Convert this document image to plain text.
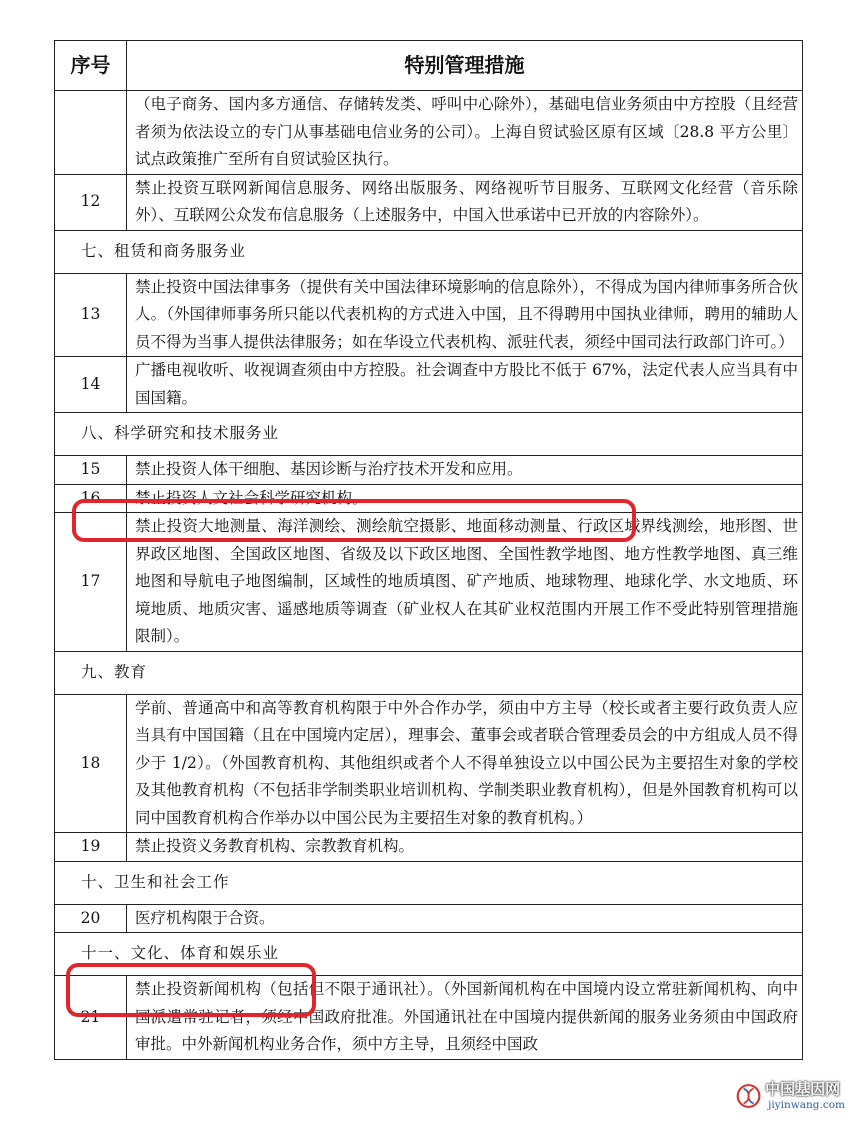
序号	特别管理措施
	（电子商务、国内多方通信、存储转发类、呼叫中心除外），基础电信业务须由中方控股（且经营者须为依法设立的专门从事基础电信业务的公司）。上海自贸试验区原有区域〔28.8 平方公里〕试点政策推广至所有自贸试验区执行。
12	禁止投资互联网新闻信息服务、网络出版服务、网络视听节目服务、互联网文化经营（音乐除外）、互联网公众发布信息服务（上述服务中，中国入世承诺中已开放的内容除外）。
七、租赁和商务服务业	
13	禁止投资中国法律事务（提供有关中国法律环境影响的信息除外），不得成为国内律师事务所合伙人。（外国律师事务所只能以代表机构的方式进入中国，且不得聘用中国执业律师，聘用的辅助人员不得为当事人提供法律服务；如在华设立代表机构、派驻代表，须经中国司法行政部门许可。）
14	广播电视收听、收视调查须由中方控股。社会调查中方股比不低于 67%，法定代表人应当具有中国国籍。
八、科学研究和技术服务业	
15	禁止投资人体干细胞、基因诊断与治疗技术开发和应用。
16	禁止投资人文社会科学研究机构。
17	禁止投资大地测量、海洋测绘、测绘航空摄影、地面移动测量、行政区域界线测绘，地形图、世界政区地图、全国政区地图、省级及以下政区地图、全国性教学地图、地方性教学地图、真三维地图和导航电子地图编制，区域性的地质填图、矿产地质、地球物理、地球化学、水文地质、环境地质、地质灾害、遥感地质等调查（矿业权人在其矿业权范围内开展工作不受此特别管理措施限制）。
九、教育	
18	学前、普通高中和高等教育机构限于中外合作办学，须由中方主导（校长或者主要行政负责人应当具有中国国籍（且在中国境内定居），理事会、董事会或者联合管理委员会的中方组成人员不得少于 1/2）。（外国教育机构、其他组织或者个人不得单独设立以中国公民为主要招生对象的学校及其他教育机构（不包括非学制类职业培训机构、学制类职业教育机构），但是外国教育机构可以同中国教育机构合作举办以中国公民为主要招生对象的教育机构。）
19	禁止投资义务教育机构、宗教教育机构。
十、卫生和社会工作	
20	医疗机构限于合资。
十一、文化、体育和娱乐业	
21	禁止投资新闻机构（包括但不限于通讯社）。（外国新闻机构在中国境内设立常驻新闻机构、向中国派遣常驻记者，须经中国政府批准。外国通讯社在中国境内提供新闻的服务业务须由中国政府审批。中外新闻机构业务合作，须中方主导，且须经中国政
中国基因网
jiyinwang.com
